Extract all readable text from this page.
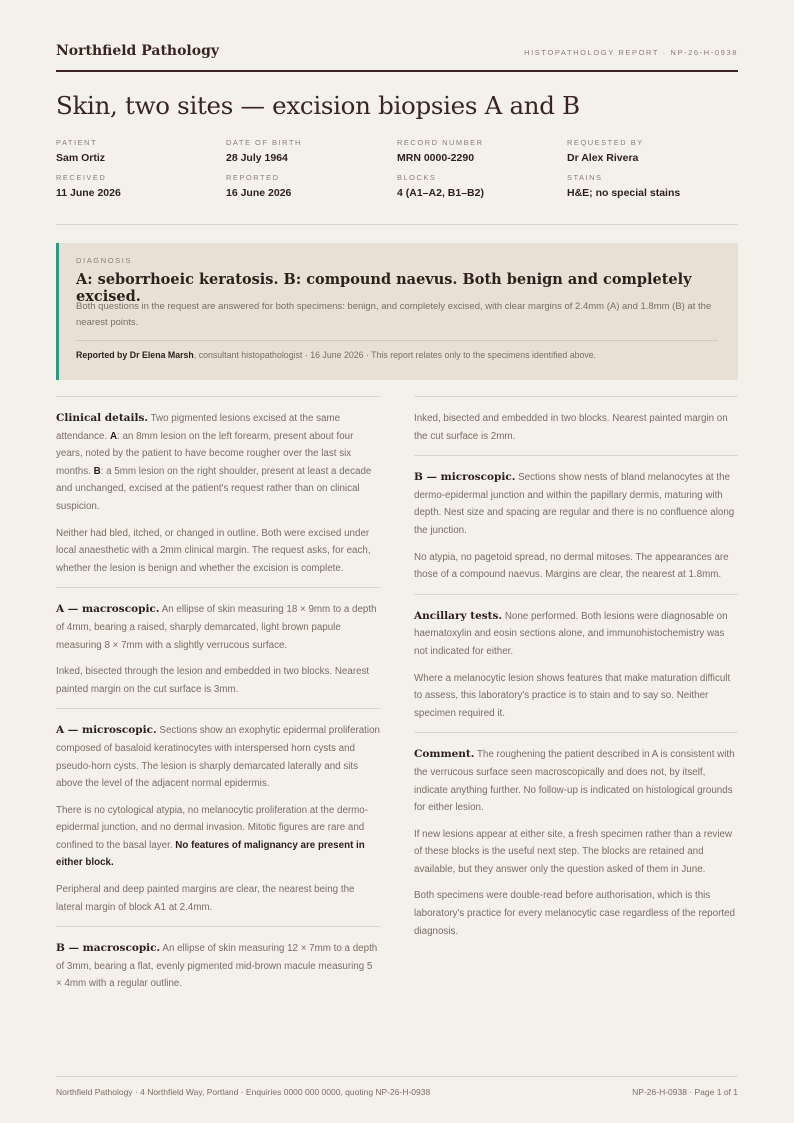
Northfield Pathology	HISTOPATHOLOGY REPORT · NP-26-H-0938
Skin, two sites — excision biopsies A and B
PATIENT
Sam Ortiz
DATE OF BIRTH
28 July 1964
RECORD NUMBER
MRN 0000-2290
REQUESTED BY
Dr Alex Rivera
RECEIVED
11 June 2026
REPORTED
16 June 2026
BLOCKS
4 (A1–A2, B1–B2)
STAINS
H&E; no special stains
DIAGNOSIS
A: seborrhoeic keratosis. B: compound naevus. Both benign and completely excised.
Both questions in the request are answered for both specimens: benign, and completely excised, with clear margins of 2.4mm (A) and 1.8mm (B) at the nearest points.
Reported by Dr Elena Marsh, consultant histopathologist · 16 June 2026 · This report relates only to the specimens identified above.

Clinical details. Two pigmented lesions excised at the same attendance. A: an 8mm lesion on the left forearm, present about four years, noted by the patient to have become rougher over the last six months. B: a 5mm lesion on the right shoulder, present at least a decade and unchanged, excised at the patient's request rather than on clinical suspicion.

Neither had bled, itched, or changed in outline. Both were excised under local anaesthetic with a 2mm clinical margin. The request asks, for each, whether the lesion is benign and whether the excision is complete.

A — macroscopic. An ellipse of skin measuring 18 × 9mm to a depth of 4mm, bearing a raised, sharply demarcated, light brown papule measuring 8 × 7mm with a slightly verrucous surface.

Inked, bisected through the lesion and embedded in two blocks. Nearest painted margin on the cut surface is 3mm.

A — microscopic. Sections show an exophytic epidermal proliferation composed of basaloid keratinocytes with interspersed horn cysts and pseudo-horn cysts. The lesion is sharply demarcated laterally and sits above the level of the adjacent normal epidermis.

There is no cytological atypia, no melanocytic proliferation at the dermo-epidermal junction, and no dermal invasion. Mitotic figures are rare and confined to the basal layer. No features of malignancy are present in either block.

Peripheral and deep painted margins are clear, the nearest being the lateral margin of block A1 at 2.4mm.

B — macroscopic. An ellipse of skin measuring 12 × 7mm to a depth of 3mm, bearing a flat, evenly pigmented mid-brown macule measuring 5 × 4mm with a regular outline.

Inked, bisected and embedded in two blocks. Nearest painted margin on the cut surface is 2mm.

B — microscopic. Sections show nests of bland melanocytes at the dermo-epidermal junction and within the papillary dermis, maturing with depth. Nest size and spacing are regular and there is no confluence along the junction.

No atypia, no pagetoid spread, no dermal mitoses. The appearances are those of a compound naevus. Margins are clear, the nearest at 1.8mm.

Ancillary tests. None performed. Both lesions were diagnosable on haematoxylin and eosin sections alone, and immunohistochemistry was not indicated for either.

Where a melanocytic lesion shows features that make maturation difficult to assess, this laboratory's practice is to stain and to say so. Neither specimen required it.

Comment. The roughening the patient described in A is consistent with the verrucous surface seen macroscopically and does not, by itself, indicate anything further. No follow-up is indicated on histological grounds for either lesion.

If new lesions appear at either site, a fresh specimen rather than a review of these blocks is the useful next step. The blocks are retained and available, but they answer only the question asked of them in June.

Both specimens were double-read before authorisation, which is this laboratory's practice for every melanocytic case regardless of the reported diagnosis.

Northfield Pathology · 4 Northfield Way, Portland · Enquiries 0000 000 0000, quoting NP-26-H-0938	NP-26-H-0938 · Page 1 of 1
